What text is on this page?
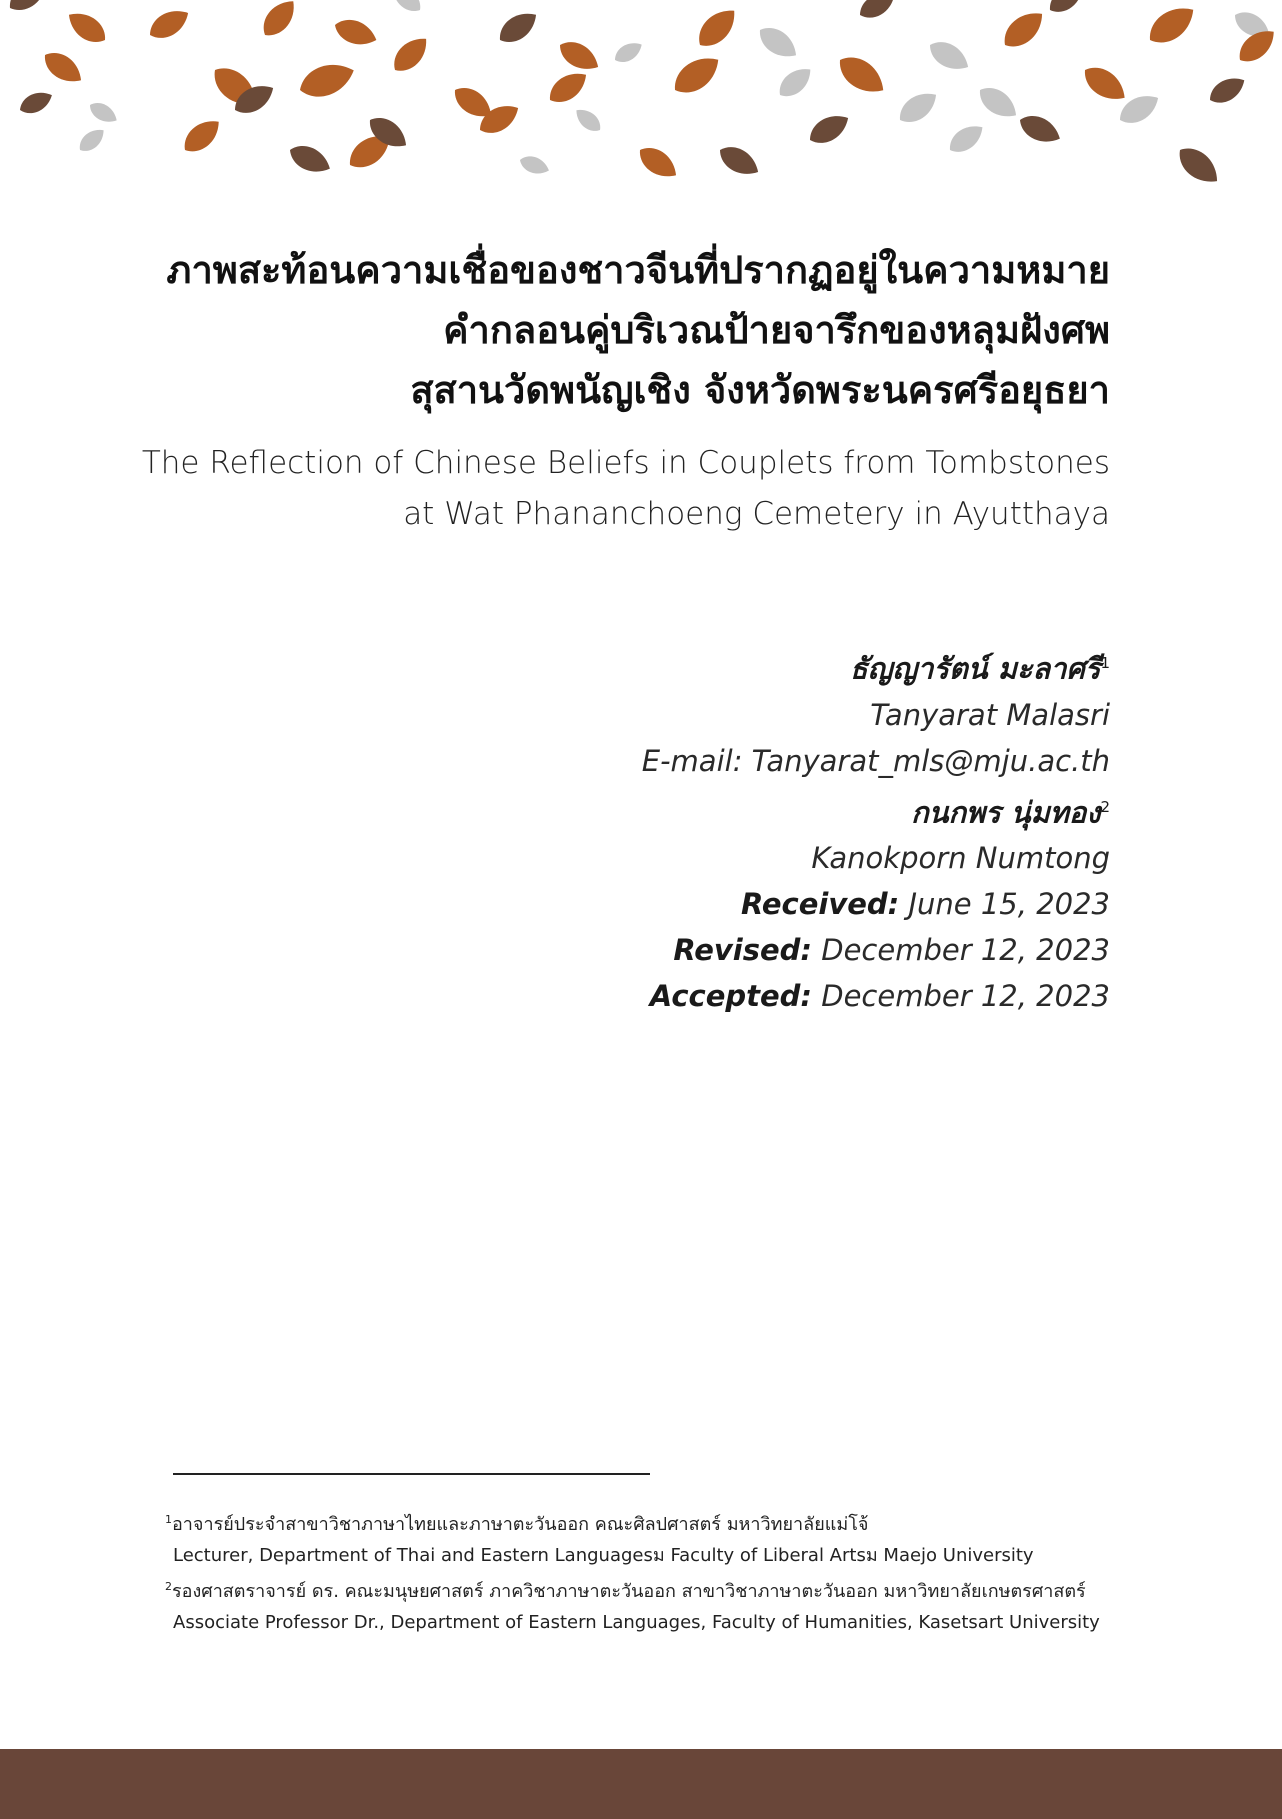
ภาพสะท้อนความเชื่อของชาวจีนที่ปรากฏอยู่ในความหมาย
คำกลอนคู่บริเวณป้ายจารึกของหลุมฝังศพ
สุสานวัดพนัญเชิง จังหวัดพระนครศรีอยุธยา
The Reflection of Chinese Beliefs in Couplets from Tombstones
at Wat Phananchoeng Cemetery in Ayutthaya
ธัญญารัตน์ มะลาศรี$^1$
Tanyarat Malasri
E-mail: Tanyarat_mls@mju.ac.th
กนกพร นุ่มทอง$^2$
Kanokporn Numtong
Received: June 15, 2023
Revised: December 12, 2023
Accepted: December 12, 2023
$^1$อาจารย์ประจำสาขาวิชาภาษาไทยและภาษาตะวันออก คณะศิลปศาสตร์ มหาวิทยาลัยแม่โจ้
Lecturer, Department of Thai and Eastern Languagesม Faculty of Liberal Artsม Maejo University
$^2$รองศาสตราจารย์ ดร. คณะมนุษยศาสตร์ ภาควิชาภาษาตะวันออก สาขาวิชาภาษาตะวันออก มหาวิทยาลัยเกษตรศาสตร์
Associate Professor Dr., Department of Eastern Languages, Faculty of Humanities, Kasetsart University
